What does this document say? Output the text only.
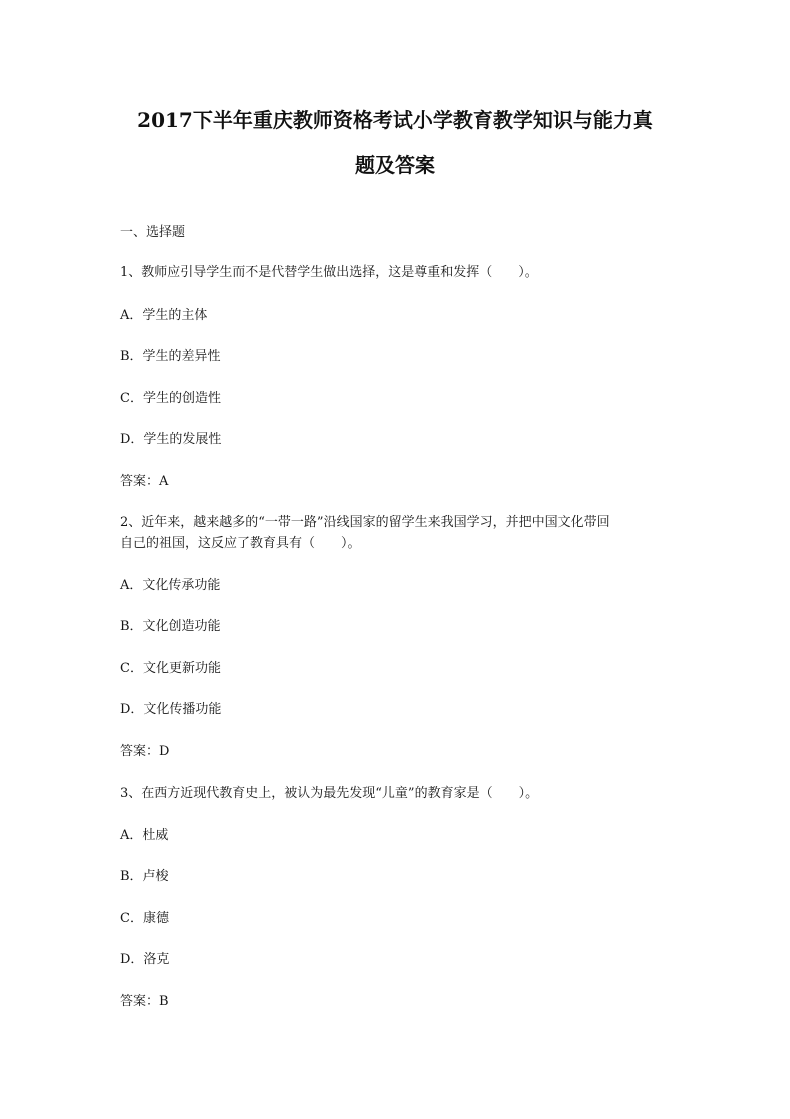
2017下半年重庆教师资格考试小学教育教学知识与能力真
题及答案
一、选择题
1、教师应引导学生而不是代替学生做出选择，这是尊重和发挥（　　）。
A．学生的主体
B．学生的差异性
C．学生的创造性
D．学生的发展性
答案：A
2、近年来，越来越多的“一带一路”沿线国家的留学生来我国学习，并把中国文化带回
自己的祖国，这反应了教育具有（　　）。
A．文化传承功能
B．文化创造功能
C．文化更新功能
D．文化传播功能
答案：D
3、在西方近现代教育史上，被认为最先发现“儿童”的教育家是（　　）。
A．杜威
B．卢梭
C．康德
D．洛克
答案：B
